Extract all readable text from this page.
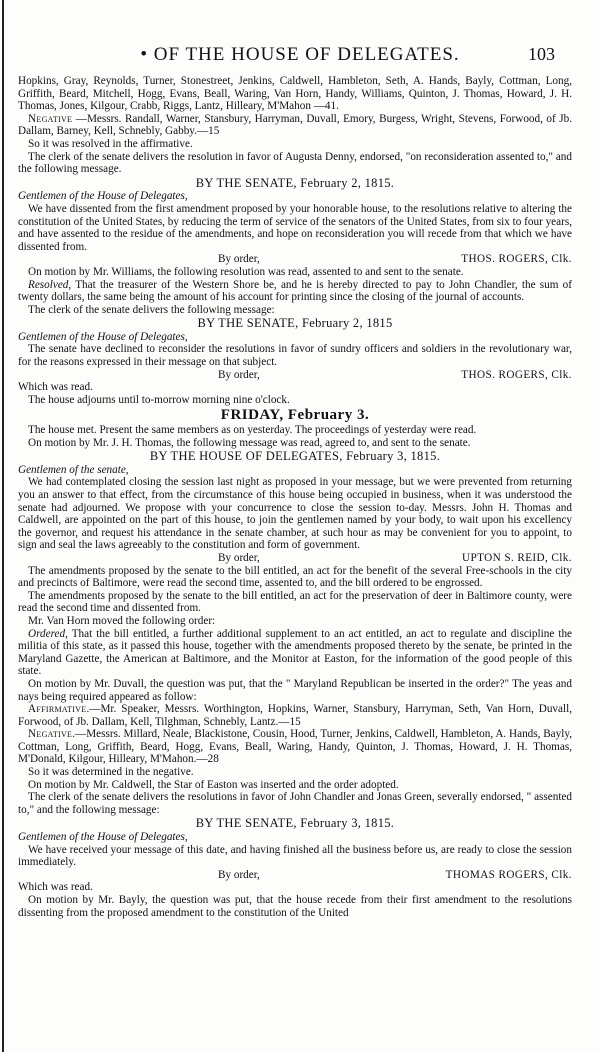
• OF THE HOUSE OF DELEGATES.	103

Hopkins, Gray, Reynolds, Turner, Stonestreet, Jenkins, Caldwell, Hambleton, Seth, A. Hands, Bayly, Cottman, Long, Griffith, Beard, Mitchell, Hogg, Evans, Beall, Waring, Van Horn, Handy, Williams, Quinton, J. Thomas, Howard, J. H. Thomas, Jones, Kilgour, Crabb, Riggs, Lantz, Hilleary, M'Mahon —41.

Negative —Messrs. Randall, Warner, Stansbury, Harryman, Duvall, Emory, Burgess, Wright, Stevens, Forwood, of Jb. Dallam, Barney, Kell, Schnebly, Gabby.—15

So it was resolved in the affirmative.

The clerk of the senate delivers the resolution in favor of Augusta Denny, endorsed, "on reconsideration assented to," and the following message.

BY THE SENATE, February 2, 1815.

Gentlemen of the House of Delegates,

We have dissented from the first amendment proposed by your honorable house, to the resolutions relative to altering the constitution of the United States, by reducing the term of service of the senators of the United States, from six to four years, and have assented to the residue of the amendments, and hope on reconsideration you will recede from that which we have dissented from.

By order,	THOS. ROGERS, Clk.

On motion by Mr. Williams, the following resolution was read, assented to and sent to the senate.

Resolved, That the treasurer of the Western Shore be, and he is hereby directed to pay to John Chandler, the sum of twenty dollars, the same being the amount of his account for printing since the closing of the journal of accounts.

The clerk of the senate delivers the following message:

BY THE SENATE, February 2, 1815

Gentlemen of the House of Delegates,

The senate have declined to reconsider the resolutions in favor of sundry officers and soldiers in the revolutionary war, for the reasons expressed in their message on that subject.

By order,	THOS. ROGERS, Clk.

Which was read.

The house adjourns until to-morrow morning nine o'clock.

FRIDAY, February 3.

The house met. Present the same members as on yesterday. The proceedings of yesterday were read.

On motion by Mr. J. H. Thomas, the following message was read, agreed to, and sent to the senate.

BY THE HOUSE OF DELEGATES, February 3, 1815.

Gentlemen of the senate,

We had contemplated closing the session last night as proposed in your message, but we were prevented from returning you an answer to that effect, from the circumstance of this house being occupied in business, when it was understood the senate had adjourned. We propose with your concurrence to close the session to-day. Messrs. John H. Thomas and Caldwell, are appointed on the part of this house, to join the gentlemen named by your body, to wait upon his excellency the governor, and request his attendance in the senate chamber, at such hour as may be convenient for you to appoint, to sign and seal the laws agreeably to the constitution and form of government.

By order,	UPTON S. REID, Clk.

The amendments proposed by the senate to the bill entitled, an act for the benefit of the several Free-schools in the city and precincts of Baltimore, were read the second time, assented to, and the bill ordered to be engrossed.

The amendments proposed by the senate to the bill entitled, an act for the preservation of deer in Baltimore county, were read the second time and dissented from.

Mr. Van Horn moved the following order:

Ordered, That the bill entitled, a further additional supplement to an act entitled, an act to regulate and discipline the militia of this state, as it passed this house, together with the amendments proposed thereto by the senate, be printed in the Maryland Gazette, the American at Baltimore, and the Monitor at Easton, for the information of the good people of this state.

On motion by Mr. Duvall, the question was put, that the " Maryland Republican be inserted in the order?" The yeas and nays being required appeared as follow:

Affirmative.—Mr. Speaker, Messrs. Worthington, Hopkins, Warner, Stansbury, Harryman, Seth, Van Horn, Duvall, Forwood, of Jb. Dallam, Kell, Tilghman, Schnebly, Lantz.—15

Negative.—Messrs. Millard, Neale, Blackistone, Cousin, Hood, Turner, Jenkins, Caldwell, Hambleton, A. Hands, Bayly, Cottman, Long, Griffith, Beard, Hogg, Evans, Beall, Waring, Handy, Quinton, J. Thomas, Howard, J. H. Thomas, M'Donald, Kilgour, Hilleary, M'Mahon.—28

So it was determined in the negative.

On motion by Mr. Caldwell, the Star of Easton was inserted and the order adopted.

The clerk of the senate delivers the resolutions in favor of John Chandler and Jonas Green, severally endorsed, " assented to," and the following message:

BY THE SENATE, February 3, 1815.

Gentlemen of the House of Delegates,

We have received your message of this date, and having finished all the business before us, are ready to close the session immediately.

By order,	THOMAS ROGERS, Clk.

Which was read.

On motion by Mr. Bayly, the question was put, that the house recede from their first amendment to the resolutions dissenting from the proposed amendment to the constitution of the United
